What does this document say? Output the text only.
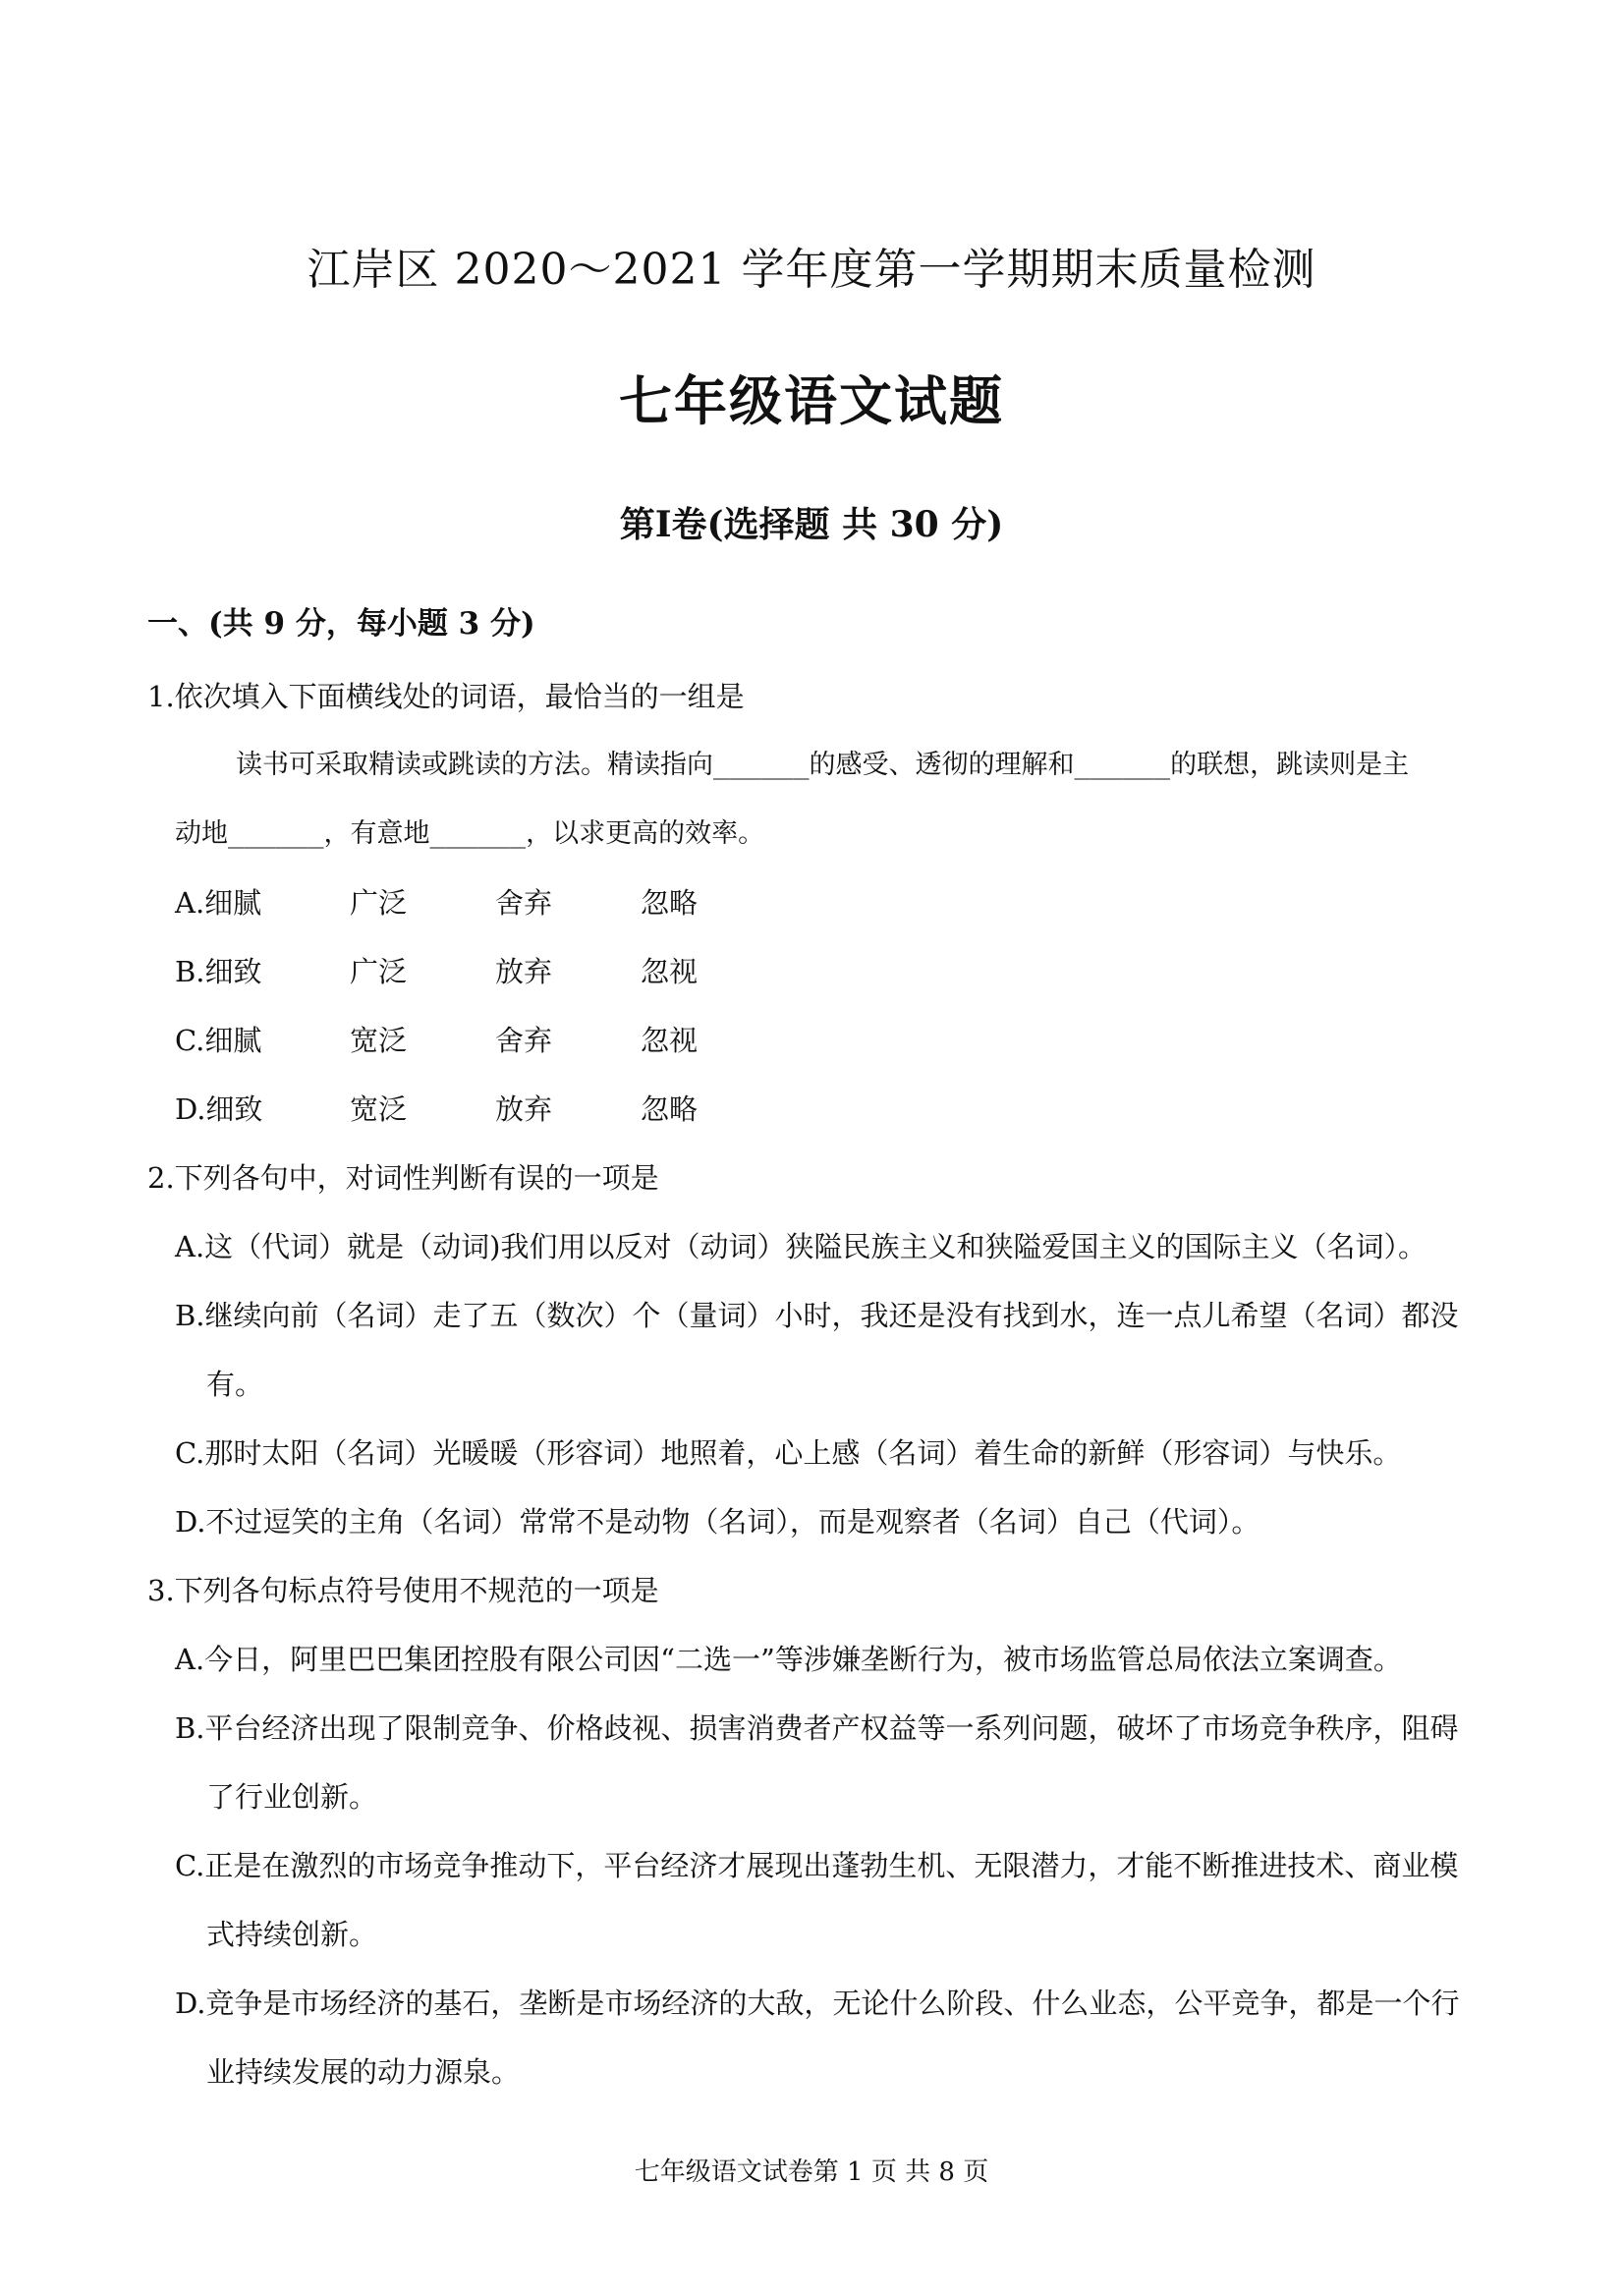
江岸区 2020～2021 学年度第一学期期末质量检测
七年级语文试题
第Ⅰ卷(选择题 共 30 分)
一、(共 9 分，每小题 3 分)
1.依次填入下面横线处的词语，最恰当的一组是
读书可采取精读或跳读的方法。精读指向______的感受、透彻的理解和______的联想，跳读则是主
动地______，有意地______，以求更高的效率。
A.细腻	广泛	舍弃	忽略
B.细致	广泛	放弃	忽视
C.细腻	宽泛	舍弃	忽视
D.细致	宽泛	放弃	忽略
2.下列各句中，对词性判断有误的一项是
A.这（代词）就是（动词)我们用以反对（动词）狭隘民族主义和狭隘爱国主义的国际主义（名词）。
B.继续向前（名词）走了五（数次）个（量词）小时，我还是没有找到水，连一点儿希望（名词）都没
有。
C.那时太阳（名词）光暖暖（形容词）地照着，心上感（名词）着生命的新鲜（形容词）与快乐。
D.不过逗笑的主角（名词）常常不是动物（名词），而是观察者（名词）自己（代词）。
3.下列各句标点符号使用不规范的一项是
A.今日，阿里巴巴集团控股有限公司因“二选一”等涉嫌垄断行为，被市场监管总局依法立案调查。
B.平台经济出现了限制竞争、价格歧视、损害消费者产权益等一系列问题，破坏了市场竞争秩序，阻碍
了行业创新。
C.正是在激烈的市场竞争推动下，平台经济才展现出蓬勃生机、无限潜力，才能不断推进技术、商业模
式持续创新。
D.竞争是市场经济的基石，垄断是市场经济的大敌，无论什么阶段、什么业态，公平竞争，都是一个行
业持续发展的动力源泉。
七年级语文试卷第 1 页 共 8 页
